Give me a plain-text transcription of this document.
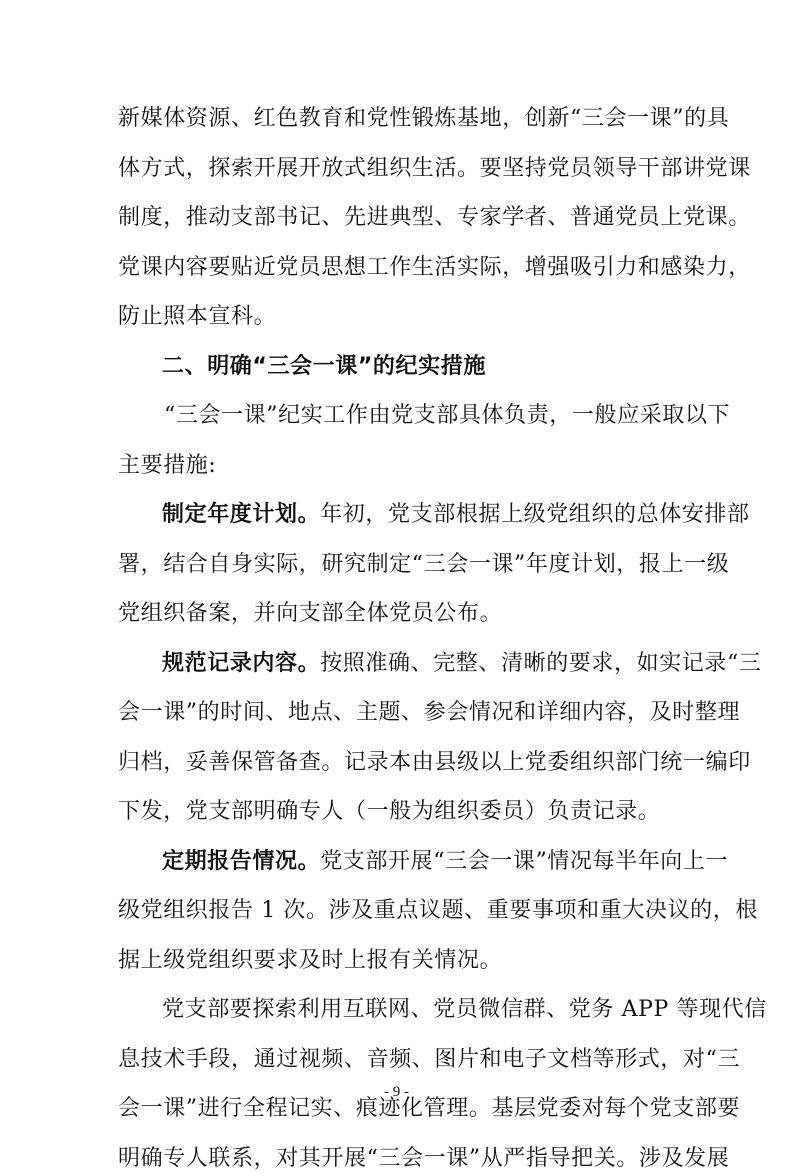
新媒体资源、红色教育和党性锻炼基地，创新“三会一课”的具
体方式，探索开展开放式组织生活。要坚持党员领导干部讲党课
制度，推动支部书记、先进典型、专家学者、普通党员上党课。
党课内容要贴近党员思想工作生活实际，增强吸引力和感染力，
防止照本宣科。
二、明确“三会一课”的纪实措施
“三会一课”纪实工作由党支部具体负责，一般应采取以下
主要措施:
制定年度计划。年初，党支部根据上级党组织的总体安排部
署，结合自身实际，研究制定“三会一课”年度计划，报上一级
党组织备案，并向支部全体党员公布。
规范记录内容。按照准确、完整、清晰的要求，如实记录“三
会一课”的时间、地点、主题、参会情况和详细内容，及时整理
归档，妥善保管备查。记录本由县级以上党委组织部门统一编印
下发，党支部明确专人（一般为组织委员）负责记录。
定期报告情况。党支部开展“三会一课”情况每半年向上一
级党组织报告 1 次。涉及重点议题、重要事项和重大决议的，根
据上级党组织要求及时上报有关情况。
- 9 -
党支部要探索利用互联网、党员微信群、党务 APP 等现代信
息技术手段，通过视频、音频、图片和电子文档等形式，对“三
会一课”进行全程记实、痕迹化管理。基层党委对每个党支部要
明确专人联系，对其开展“三会一课”从严指导把关。涉及发展
